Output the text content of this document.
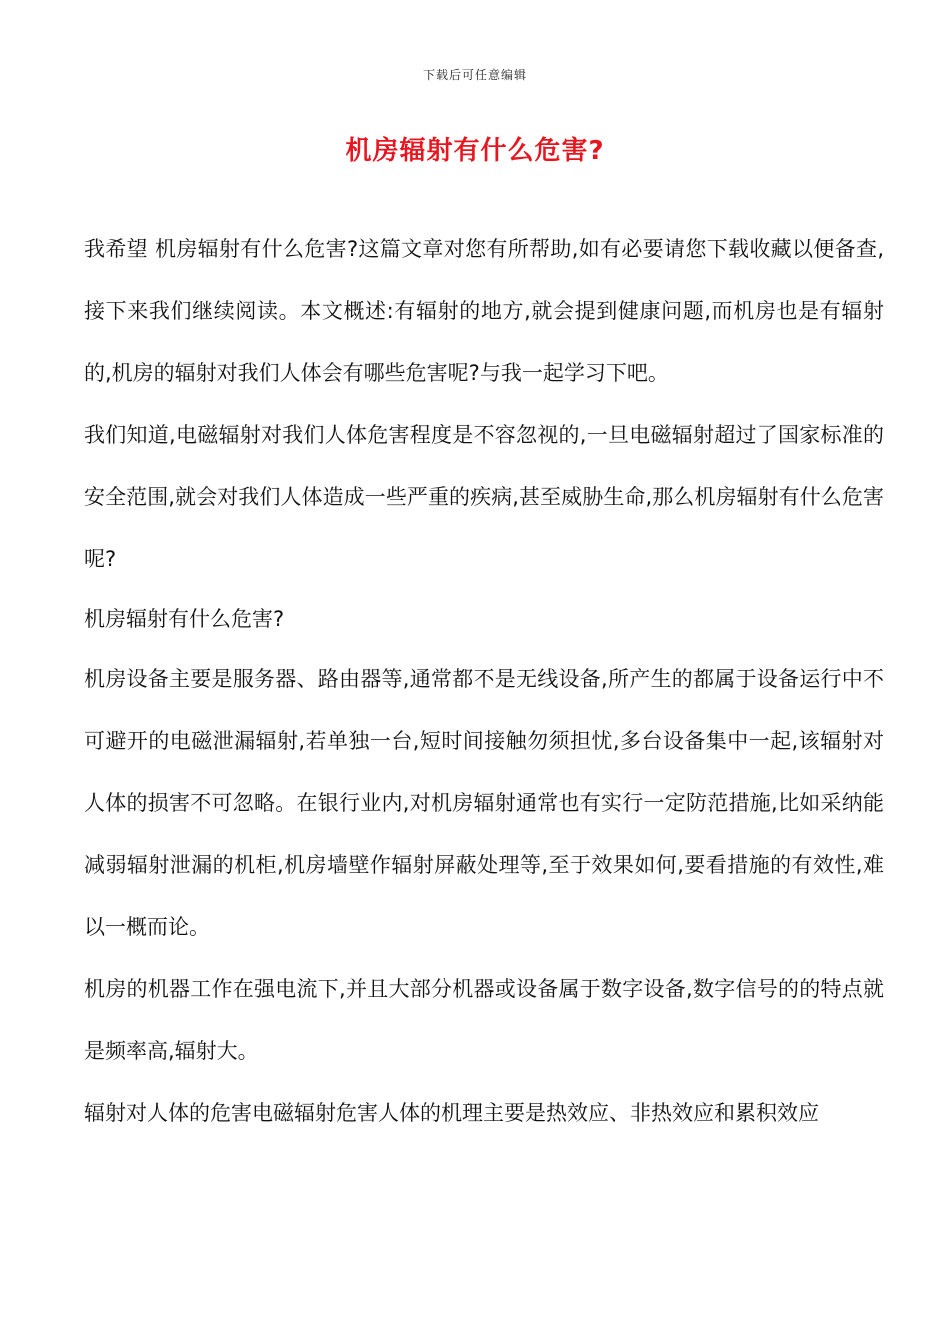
下载后可任意编辑
机房辐射有什么危害?

我希望 机房辐射有什么危害?这篇文章对您有所帮助,如有必要请您下载收藏以便备查,接下来我们继续阅读。本文概述:有辐射的地方,就会提到健康问题,而机房也是有辐射的,机房的辐射对我们人体会有哪些危害呢?与我一起学习下吧。

我们知道,电磁辐射对我们人体危害程度是不容忽视的,一旦电磁辐射超过了国家标准的安全范围,就会对我们人体造成一些严重的疾病,甚至威胁生命,那么机房辐射有什么危害呢?

机房辐射有什么危害?

机房设备主要是服务器、路由器等,通常都不是无线设备,所产生的都属于设备运行中不可避开的电磁泄漏辐射,若单独一台,短时间接触勿须担忧,多台设备集中一起,该辐射对人体的损害不可忽略。在银行业内,对机房辐射通常也有实行一定防范措施,比如采纳能减弱辐射泄漏的机柜,机房墙壁作辐射屏蔽处理等,至于效果如何,要看措施的有效性,难以一概而论。

机房的机器工作在强电流下,并且大部分机器或设备属于数字设备,数字信号的的特点就是频率高,辐射大。

辐射对人体的危害电磁辐射危害人体的机理主要是热效应、非热效应和累积效应
